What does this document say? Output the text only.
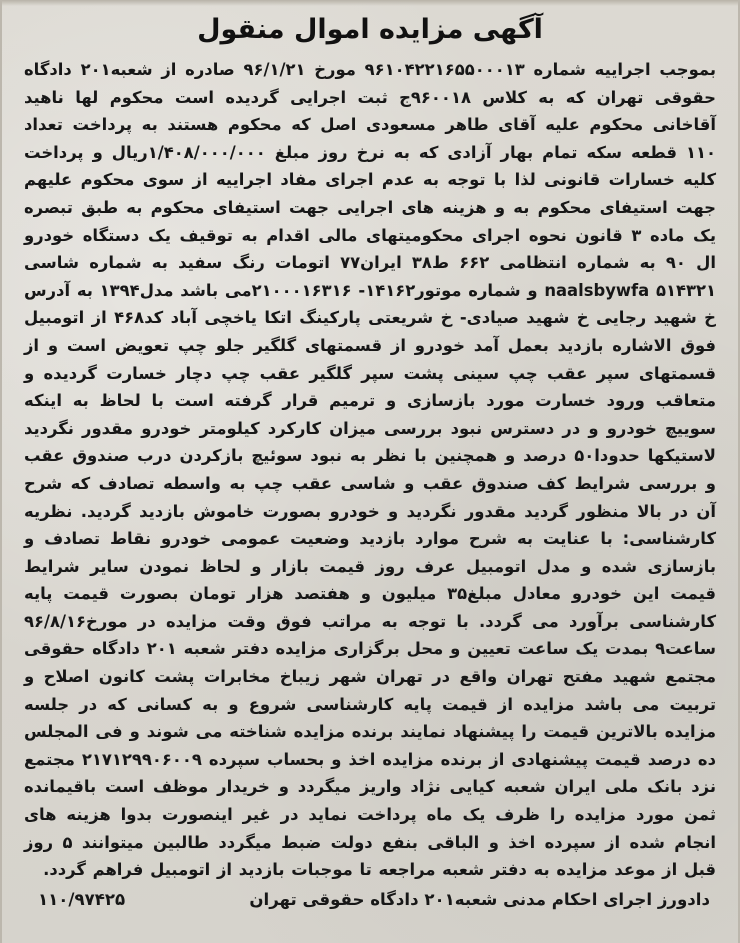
آگهی مزایده اموال منقول

بموجب اجراییه شماره ۹۶۱۰۴۲۲۱۶۵۵۰۰۰۱۳ مورخ ۹۶/۱/۲۱ صادره از شعبه۲۰۱ دادگاه حقوقی تهران که به کلاس ۹۶۰۰۱۸ج ثبت اجرایی گردیده است محکوم لها ناهید آقاخانی محکوم علیه آقای طاهر مسعودی اصل که محکوم هستند به پرداخت تعداد ۱۱۰ قطعه سکه تمام بهار آزادی که به نرخ روز مبلغ ۱/۴۰۸/۰۰۰/۰۰۰ریال و پرداخت کلیه خسارات قانونی لذا با توجه به عدم اجرای مفاد اجراییه از سوی محکوم علیهم جهت استیفای محکوم به و هزینه های اجرایی جهت استیفای محکوم به طبق تبصره یک ماده ۳ قانون نحوه اجرای محکومیتهای مالی اقدام به توقیف یک دستگاه خودرو ال ۹۰ به شماره انتظامی ۶۶۲ ط۳۸ ایران۷۷ اتومات رنگ سفید به شماره شاسی naalsbywfa ۵۱۴۳۲۱ و شماره موتور۱۴۱۶۲- ۲۱۰۰۰۱۶۳۱۶می باشد مدل۱۳۹۴ به آدرس خ شهید رجایی خ شهید صیادی- خ شریعتی پارکینگ اتکا یاخچی آباد کد۴۶۸ از اتومبیل فوق الاشاره بازدید بعمل آمد خودرو از قسمتهای گلگیر جلو چپ تعویض است و از قسمتهای سپر عقب چپ سینی پشت سپر گلگیر عقب چپ دچار خسارت گردیده و متعاقب ورود خسارت مورد بازسازی و ترمیم قرار گرفته است با لحاظ به اینکه سوییچ خودرو و در دسترس نبود بررسی میزان کارکرد کیلومتر خودرو مقدور نگردید لاستیکها حدودا۵۰ درصد و همچنین با نظر به نبود سوئیچ بازکردن درب صندوق عقب و بررسی شرایط کف صندوق عقب و شاسی عقب چپ به واسطه تصادف که شرح آن در بالا منظور گردید مقدور نگردید و خودرو بصورت خاموش بازدید گردید. نظریه کارشناسی: با عنایت به شرح موارد بازدید وضعیت عمومی خودرو نقاط تصادف و بازسازی شده و مدل اتومبیل عرف روز قیمت بازار و لحاظ نمودن سایر شرایط قیمت این خودرو معادل مبلغ۳۵ میلیون و هفتصد هزار تومان بصورت قیمت پایه کارشناسی برآورد می گردد. با توجه به مراتب فوق وقت مزایده در مورخ۹۶/۸/۱۶ ساعت۹ بمدت یک ساعت تعیین و محل برگزاری مزایده دفتر شعبه ۲۰۱ دادگاه حقوقی مجتمع شهید مفتح تهران واقع در تهران شهر زیباخ مخابرات پشت کانون اصلاح و تربیت می باشد مزایده از قیمت پایه کارشناسی شروع و به کسانی که در جلسه مزایده بالاترین قیمت را پیشنهاد نمایند برنده مزایده شناخته می شوند و فی المجلس ده درصد قیمت پیشنهادی از برنده مزایده اخذ و بحساب سپرده ۲۱۷۱۲۹۹۰۶۰۰۹ مجتمع نزد بانک ملی ایران شعبه کیایی نژاد واریز میگردد و خریدار موظف است باقیمانده ثمن مورد مزایده را ظرف یک ماه پرداخت نماید در غیر اینصورت بدوا هزینه های انجام شده از سپرده اخذ و الباقی بنفع دولت ضبط میگردد طالبین میتوانند ۵ روز قبل از موعد مزایده به دفتر شعبه مراجعه تا موجبات بازدید از اتومبیل فراهم گردد.

دادورز اجرای احکام مدنی شعبه۲۰۱ دادگاه حقوقی تهران
۱۱۰/۹۷۴۲۵
